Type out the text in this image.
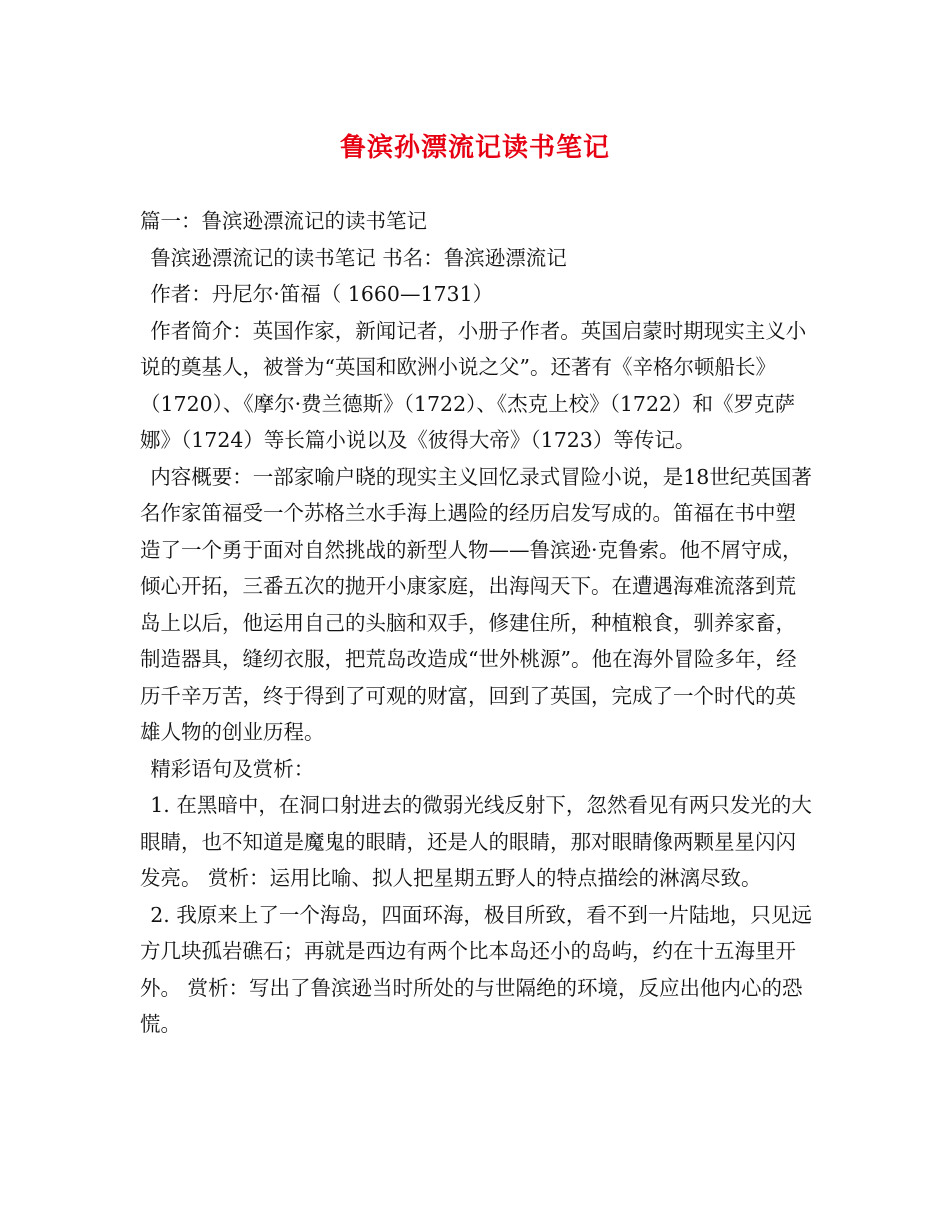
鲁滨孙漂流记读书笔记

篇一：鲁滨逊漂流记的读书笔记

鲁滨逊漂流记的读书笔记 书名：鲁滨逊漂流记

作者：丹尼尔·笛福（ 1660—1731）

作者简介：英国作家，新闻记者，小册子作者。英国启蒙时期现实主义小说的奠基人，被誉为“英国和欧洲小说之父”。还著有《辛格尔顿船长》（1720）、《摩尔·费兰德斯》（1722）、《杰克上校》（1722）和《罗克萨娜》（1724）等长篇小说以及《彼得大帝》（1723）等传记。

内容概要：一部家喻户晓的现实主义回忆录式冒险小说，是18世纪英国著名作家笛福受一个苏格兰水手海上遇险的经历启发写成的。笛福在书中塑造了一个勇于面对自然挑战的新型人物——鲁滨逊·克鲁索。他不屑守成，倾心开拓，三番五次的抛开小康家庭，出海闯天下。在遭遇海难流落到荒岛上以后，他运用自己的头脑和双手，修建住所，种植粮食，驯养家畜，制造器具，缝纫衣服，把荒岛改造成“世外桃源”。他在海外冒险多年，经历千辛万苦，终于得到了可观的财富，回到了英国，完成了一个时代的英雄人物的创业历程。

精彩语句及赏析：

1. 在黑暗中，在洞口射进去的微弱光线反射下，忽然看见有两只发光的大眼睛，也不知道是魔鬼的眼睛，还是人的眼睛，那对眼睛像两颗星星闪闪发亮。 赏析：运用比喻、拟人把星期五野人的特点描绘的淋漓尽致。

2. 我原来上了一个海岛，四面环海，极目所致，看不到一片陆地，只见远方几块孤岩礁石；再就是西边有两个比本岛还小的岛屿，约在十五海里开外。 赏析：写出了鲁滨逊当时所处的与世隔绝的环境，反应出他内心的恐慌。
